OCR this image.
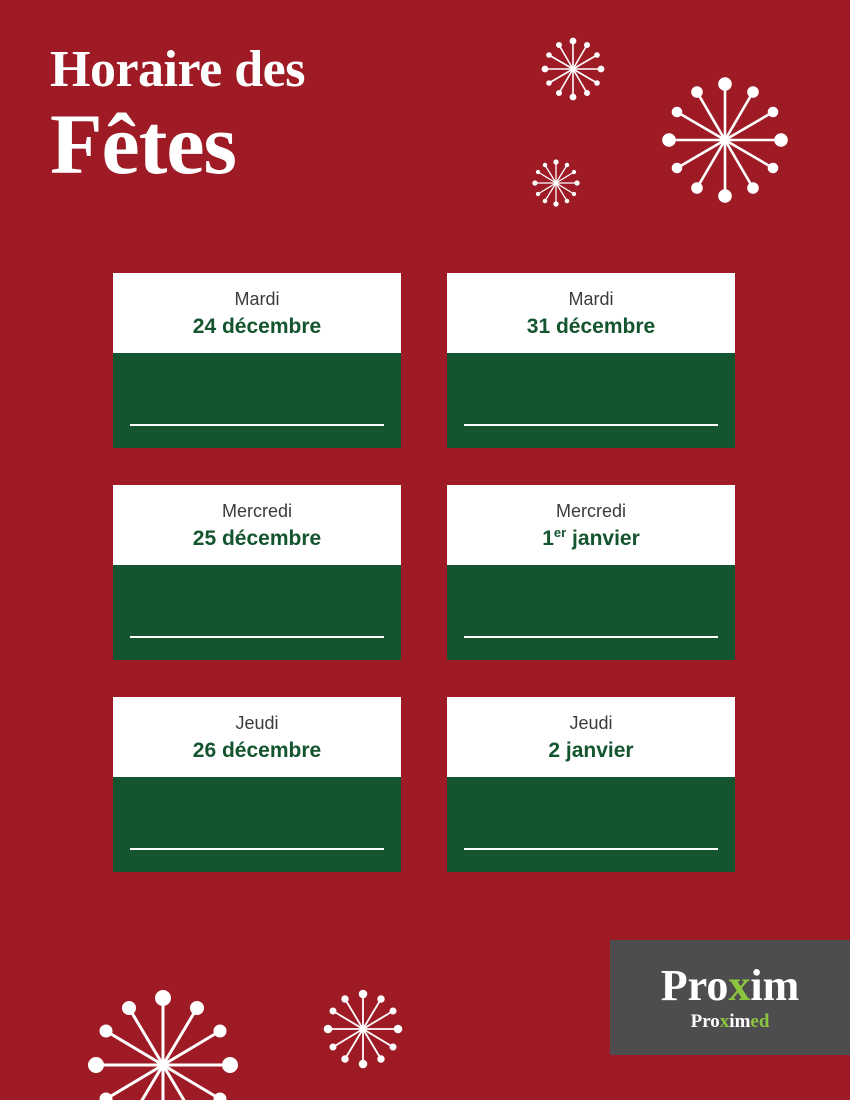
Horaire des
Fêtes
Mardi
24 décembre
Mardi
31 décembre
Mercredi
25 décembre
Mercredi
1er janvier
Jeudi
26 décembre
Jeudi
2 janvier
Proxim
Proximed
